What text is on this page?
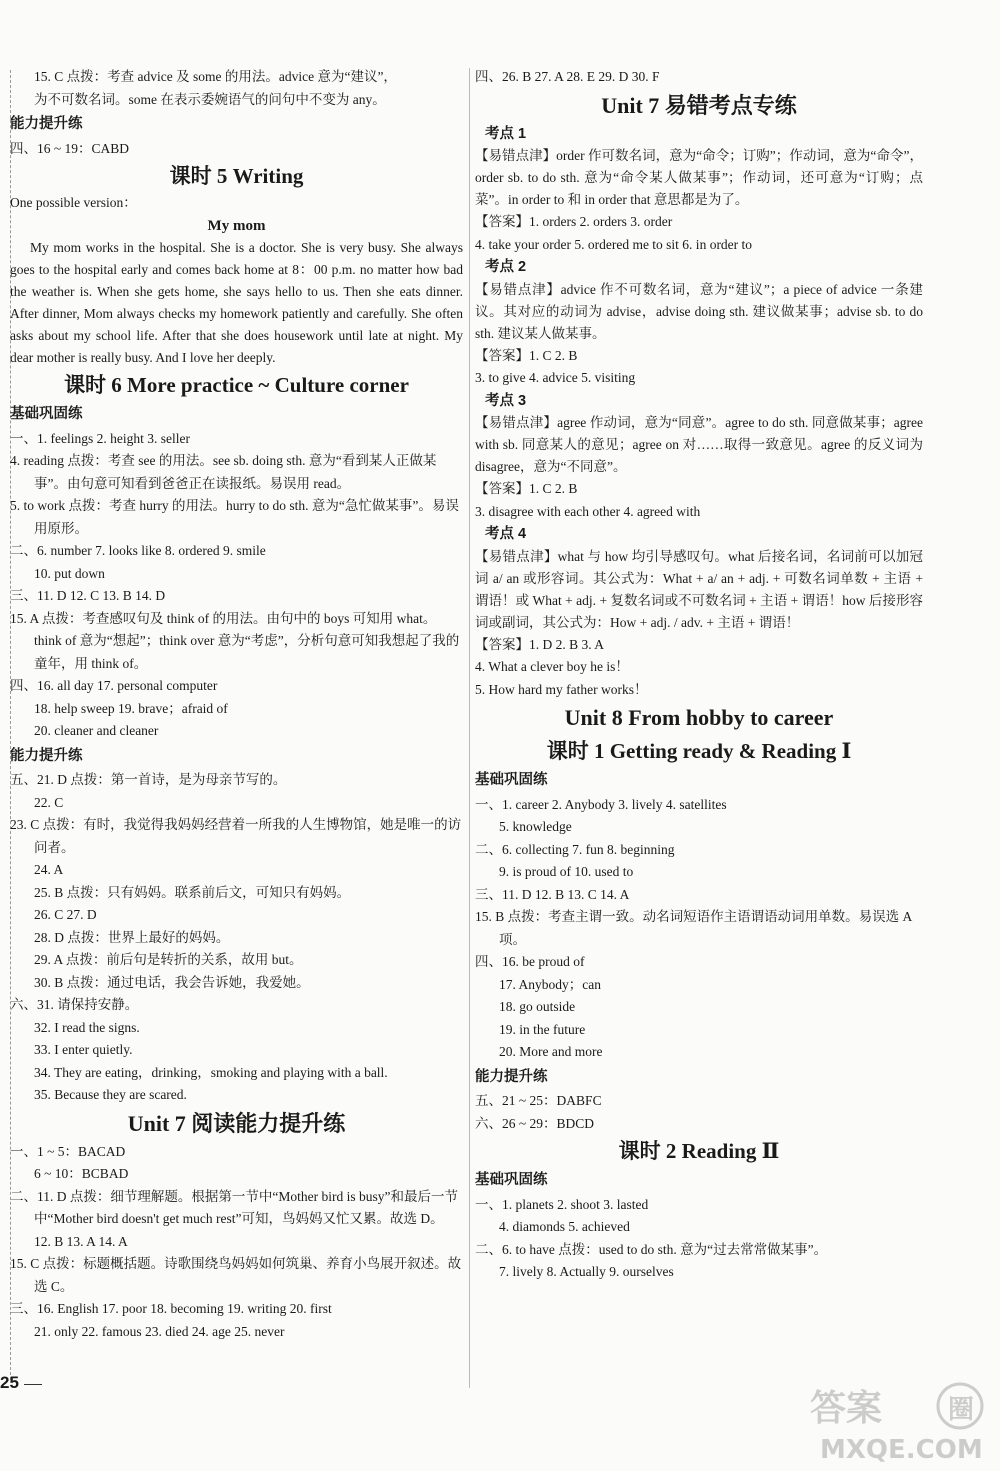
15. C 点拨：考查 advice 及 some 的用法。advice 意为“建议”，
为不可数名词。some 在表示委婉语气的问句中不变为 any。
能力提升练
四、16 ~ 19：CABD
课时 5 Writing
One possible version：
My mom
My mom works in the hospital. She is a doctor. She is very busy. She always goes to the hospital early and comes back home at 8：00 p.m. no matter how bad the weather is. When she gets home, she says hello to us. Then she eats dinner. After dinner, Mom always checks my homework patiently and carefully. She often asks about my school life. After that she does housework until late at night. My dear mother is really busy. And I love her deeply.
课时 6 More practice ~ Culture corner
基础巩固练
一、1. feelings 2. height 3. seller
4. reading 点拨：考查 see 的用法。see sb. doing sth. 意为“看到某人正做某事”。由句意可知看到爸爸正在读报纸。易误用 read。
5. to work 点拨：考查 hurry 的用法。hurry to do sth. 意为“急忙做某事”。易误用原形。
二、6. number 7. looks like 8. ordered 9. smile
10. put down
三、11. D 12. C 13. B 14. D
15. A 点拨：考查感叹句及 think of 的用法。由句中的 boys 可知用 what。think of 意为“想起”；think over 意为“考虑”，分析句意可知我想起了我的童年，用 think of。
四、16. all day 17. personal computer
18. help sweep 19. brave；afraid of
20. cleaner and cleaner
能力提升练
五、21. D 点拨：第一首诗，是为母亲节写的。
22. C
23. C 点拨：有时，我觉得我妈妈经营着一所我的人生博物馆，她是唯一的访问者。
24. A
25. B 点拨：只有妈妈。联系前后文，可知只有妈妈。
26. C 27. D
28. D 点拨：世界上最好的妈妈。
29. A 点拨：前后句是转折的关系，故用 but。
30. B 点拨：通过电话，我会告诉她，我爱她。
六、31. 请保持安静。
32. I read the signs.
33. I enter quietly.
34. They are eating，drinking，smoking and playing with a ball.
35. Because they are scared.
Unit 7 阅读能力提升练
一、1 ~ 5：BACAD
6 ~ 10：BCBAD
二、11. D 点拨：细节理解题。根据第一节中“Mother bird is busy”和最后一节中“Mother bird doesn't get much rest”可知，鸟妈妈又忙又累。故选 D。
12. B 13. A 14. A
15. C 点拨：标题概括题。诗歌围绕鸟妈妈如何筑巢、养育小鸟展开叙述。故选 C。
三、16. English 17. poor 18. becoming 19. writing 20. first
21. only 22. famous 23. died 24. age 25. never
四、26. B 27. A 28. E 29. D 30. F
Unit 7 易错考点专练
考点 1
【易错点津】order 作可数名词，意为“命令；订购”；作动词，意为“命令”，order sb. to do sth. 意为“命令某人做某事”；作动词，还可意为“订购；点菜”。in order to 和 in order that 意思都是为了。
【答案】1. orders 2. orders 3. order
4. take your order 5. ordered me to sit 6. in order to
考点 2
【易错点津】advice 作不可数名词，意为“建议”；a piece of advice 一条建议。其对应的动词为 advise，advise doing sth. 建议做某事；advise sb. to do sth. 建议某人做某事。
【答案】1. C 2. B
3. to give 4. advice 5. visiting
考点 3
【易错点津】agree 作动词，意为“同意”。agree to do sth. 同意做某事；agree with sb. 同意某人的意见；agree on 对……取得一致意见。agree 的反义词为 disagree，意为“不同意”。
【答案】1. C 2. B
3. disagree with each other 4. agreed with
考点 4
【易错点津】what 与 how 均引导感叹句。what 后接名词，名词前可以加冠词 a/ an 或形容词。其公式为：What + a/ an + adj. + 可数名词单数 + 主语 + 谓语！或 What + adj. + 复数名词或不可数名词 + 主语 + 谓语！how 后接形容词或副词，其公式为：How + adj. / adv. + 主语 + 谓语！
【答案】1. D 2. B 3. A
4. What a clever boy he is！
5. How hard my father works！
Unit 8 From hobby to career
课时 1 Getting ready & Reading Ⅰ
基础巩固练
一、1. career 2. Anybody 3. lively 4. satellites
5. knowledge
二、6. collecting 7. fun 8. beginning
9. is proud of 10. used to
三、11. D 12. B 13. C 14. A
15. B 点拨：考查主谓一致。动名词短语作主语谓语动词用单数。易误选 A 项。
四、16. be proud of
17. Anybody；can
18. go outside
19. in the future
20. More and more
能力提升练
五、21 ~ 25：DABFC
六、26 ~ 29：BDCD
课时 2 Reading Ⅱ
基础巩固练
一、1. planets 2. shoot 3. lasted
4. diamonds 5. achieved
二、6. to have 点拨：used to do sth. 意为“过去常常做某事”。
7. lively 8. Actually 9. ourselves
25
答案	圈
MXQE.COM
